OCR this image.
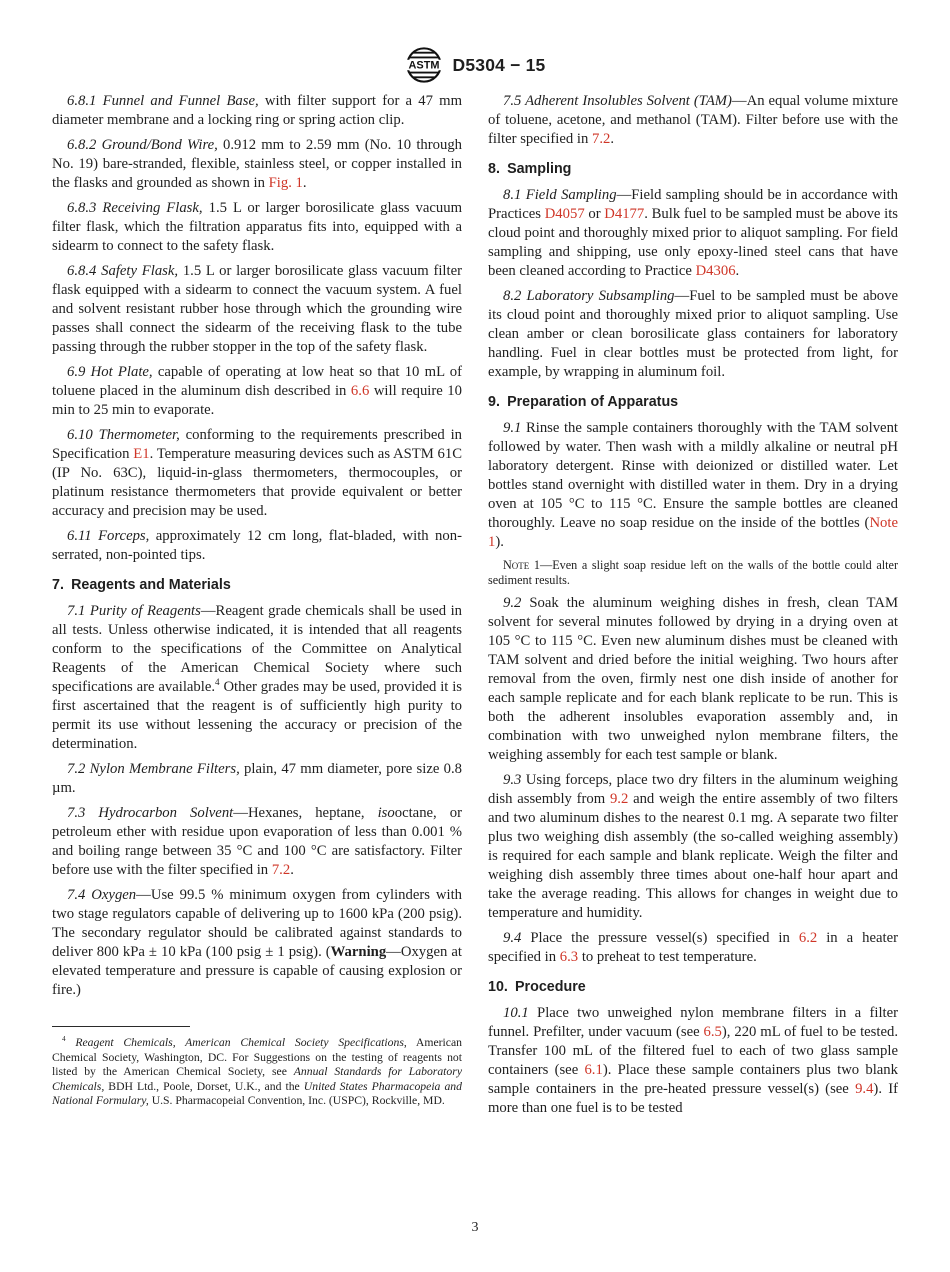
ASTM D5304 − 15
6.8.1 Funnel and Funnel Base, with filter support for a 47 mm diameter membrane and a locking ring or spring action clip.
6.8.2 Ground/Bond Wire, 0.912 mm to 2.59 mm (No. 10 through No. 19) bare-stranded, flexible, stainless steel, or copper installed in the flasks and grounded as shown in Fig. 1.
6.8.3 Receiving Flask, 1.5 L or larger borosilicate glass vacuum filter flask, which the filtration apparatus fits into, equipped with a sidearm to connect to the safety flask.
6.8.4 Safety Flask, 1.5 L or larger borosilicate glass vacuum filter flask equipped with a sidearm to connect the vacuum system. A fuel and solvent resistant rubber hose through which the grounding wire passes shall connect the sidearm of the receiving flask to the tube passing through the rubber stopper in the top of the safety flask.
6.9 Hot Plate, capable of operating at low heat so that 10 mL of toluene placed in the aluminum dish described in 6.6 will require 10 min to 25 min to evaporate.
6.10 Thermometer, conforming to the requirements prescribed in Specification E1. Temperature measuring devices such as ASTM 61C (IP No. 63C), liquid-in-glass thermometers, thermocouples, or platinum resistance thermometers that provide equivalent or better accuracy and precision may be used.
6.11 Forceps, approximately 12 cm long, flat-bladed, with non-serrated, non-pointed tips.
7. Reagents and Materials
7.1 Purity of Reagents—Reagent grade chemicals shall be used in all tests. Unless otherwise indicated, it is intended that all reagents conform to the specifications of the Committee on Analytical Reagents of the American Chemical Society where such specifications are available.$^4$ Other grades may be used, provided it is first ascertained that the reagent is of sufficiently high purity to permit its use without lessening the accuracy or precision of the determination.
7.2 Nylon Membrane Filters, plain, 47 mm diameter, pore size 0.8 µm.
7.3 Hydrocarbon Solvent—Hexanes, heptane, isooctane, or petroleum ether with residue upon evaporation of less than 0.001 % and boiling range between 35 °C and 100 °C are satisfactory. Filter before use with the filter specified in 7.2.
7.4 Oxygen—Use 99.5 % minimum oxygen from cylinders with two stage regulators capable of delivering up to 1600 kPa (200 psig). The secondary regulator should be calibrated against standards to deliver 800 kPa ± 10 kPa (100 psig ± 1 psig). (Warning—Oxygen at elevated temperature and pressure is capable of causing explosion or fire.)
$^4$ Reagent Chemicals, American Chemical Society Specifications, American Chemical Society, Washington, DC. For Suggestions on the testing of reagents not listed by the American Chemical Society, see Annual Standards for Laboratory Chemicals, BDH Ltd., Poole, Dorset, U.K., and the United States Pharmacopeia and National Formulary, U.S. Pharmacopeial Convention, Inc. (USPC), Rockville, MD.
7.5 Adherent Insolubles Solvent (TAM)—An equal volume mixture of toluene, acetone, and methanol (TAM). Filter before use with the filter specified in 7.2.
8. Sampling
8.1 Field Sampling—Field sampling should be in accordance with Practices D4057 or D4177. Bulk fuel to be sampled must be above its cloud point and thoroughly mixed prior to aliquot sampling. For field sampling and shipping, use only epoxy-lined steel cans that have been cleaned according to Practice D4306.
8.2 Laboratory Subsampling—Fuel to be sampled must be above its cloud point and thoroughly mixed prior to aliquot sampling. Use clean amber or clean borosilicate glass containers for laboratory handling. Fuel in clear bottles must be protected from light, for example, by wrapping in aluminum foil.
9. Preparation of Apparatus
9.1 Rinse the sample containers thoroughly with the TAM solvent followed by water. Then wash with a mildly alkaline or neutral pH laboratory detergent. Rinse with deionized or distilled water. Let bottles stand overnight with distilled water in them. Dry in a drying oven at 105 °C to 115 °C. Ensure the sample bottles are cleaned thoroughly. Leave no soap residue on the inside of the bottles (Note 1).
Note 1—Even a slight soap residue left on the walls of the bottle could alter sediment results.
9.2 Soak the aluminum weighing dishes in fresh, clean TAM solvent for several minutes followed by drying in a drying oven at 105 °C to 115 °C. Even new aluminum dishes must be cleaned with TAM solvent and dried before the initial weighing. Two hours after removal from the oven, firmly nest one dish inside of another for each sample replicate and for each blank replicate to be run. This is both the adherent insolubles evaporation assembly and, in combination with two unweighed nylon membrane filters, the weighing assembly for each test sample or blank.
9.3 Using forceps, place two dry filters in the aluminum weighing dish assembly from 9.2 and weigh the entire assembly of two filters and two aluminum dishes to the nearest 0.1 mg. A separate two filter plus two weighing dish assembly (the so-called weighing assembly) is required for each sample and blank replicate. Weigh the filter and weighing dish assembly three times about one-half hour apart and take the average reading. This allows for changes in weight due to temperature and humidity.
9.4 Place the pressure vessel(s) specified in 6.2 in a heater specified in 6.3 to preheat to test temperature.
10. Procedure
10.1 Place two unweighed nylon membrane filters in a filter funnel. Prefilter, under vacuum (see 6.5), 220 mL of fuel to be tested. Transfer 100 mL of the filtered fuel to each of two glass sample containers (see 6.1). Place these sample containers plus two blank sample containers in the pre-heated pressure vessel(s) (see 9.4). If more than one fuel is to be tested
3
